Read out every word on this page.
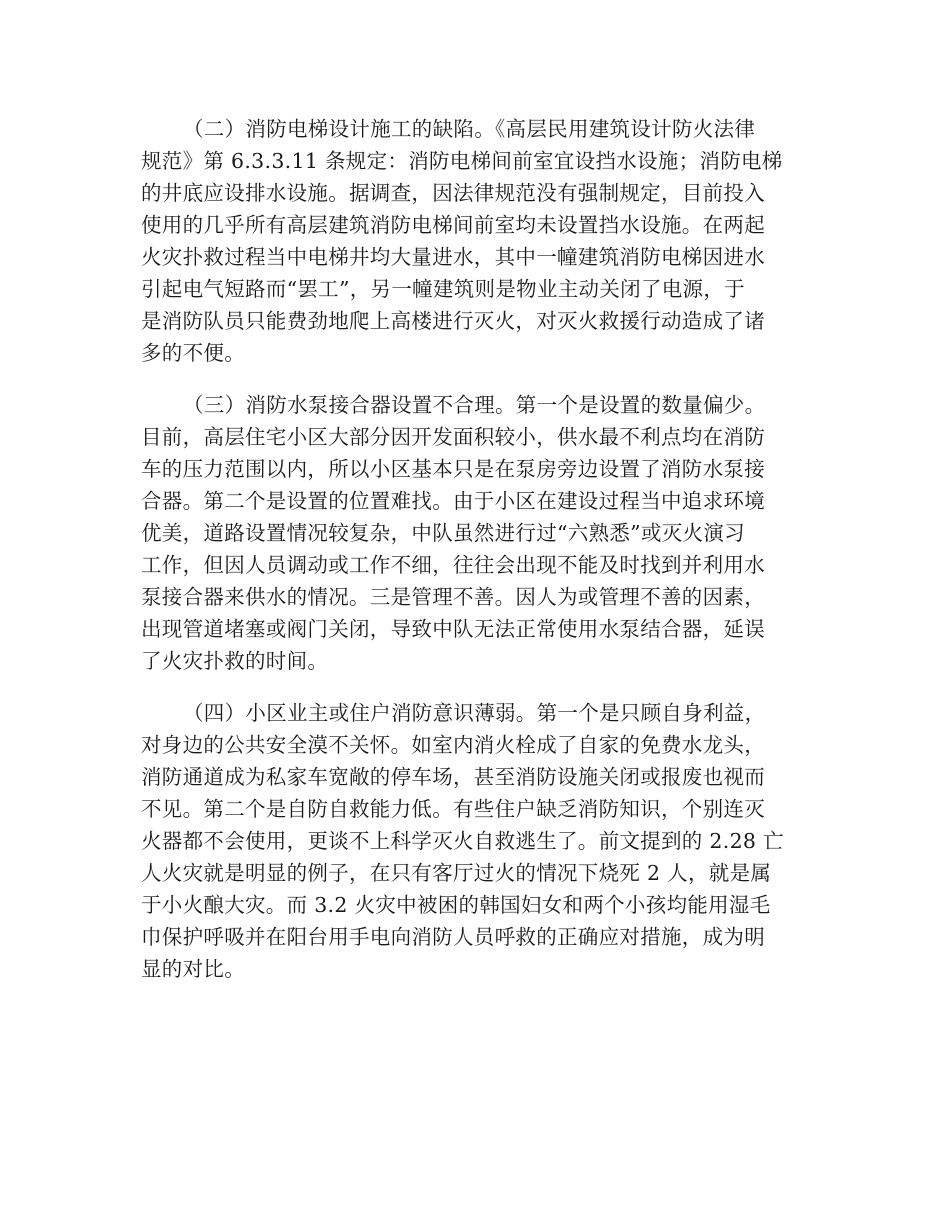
（二）消防电梯设计施工的缺陷。《高层民用建筑设计防火法律
规范》第 6.3.3.11 条规定：消防电梯间前室宜设挡水设施；消防电梯
的井底应设排水设施。据调查，因法律规范没有强制规定，目前投入
使用的几乎所有高层建筑消防电梯间前室均未设置挡水设施。在两起
火灾扑救过程当中电梯井均大量进水，其中一幢建筑消防电梯因进水
引起电气短路而“罢工”，另一幢建筑则是物业主动关闭了电源，于
是消防队员只能费劲地爬上高楼进行灭火，对灭火救援行动造成了诸
多的不便。
（三）消防水泵接合器设置不合理。第一个是设置的数量偏少。
目前，高层住宅小区大部分因开发面积较小，供水最不利点均在消防
车的压力范围以内，所以小区基本只是在泵房旁边设置了消防水泵接
合器。第二个是设置的位置难找。由于小区在建设过程当中追求环境
优美，道路设置情况较复杂，中队虽然进行过“六熟悉”或灭火演习
工作，但因人员调动或工作不细，往往会出现不能及时找到并利用水
泵接合器来供水的情况。三是管理不善。因人为或管理不善的因素，
出现管道堵塞或阀门关闭，导致中队无法正常使用水泵结合器，延误
了火灾扑救的时间。
（四）小区业主或住户消防意识薄弱。第一个是只顾自身利益，
对身边的公共安全漠不关怀。如室内消火栓成了自家的免费水龙头，
消防通道成为私家车宽敞的停车场，甚至消防设施关闭或报废也视而
不见。第二个是自防自救能力低。有些住户缺乏消防知识，个别连灭
火器都不会使用，更谈不上科学灭火自救逃生了。前文提到的 2.28 亡
人火灾就是明显的例子，在只有客厅过火的情况下烧死 2 人，就是属
于小火酿大灾。而 3.2 火灾中被困的韩国妇女和两个小孩均能用湿毛
巾保护呼吸并在阳台用手电向消防人员呼救的正确应对措施，成为明
显的对比。
